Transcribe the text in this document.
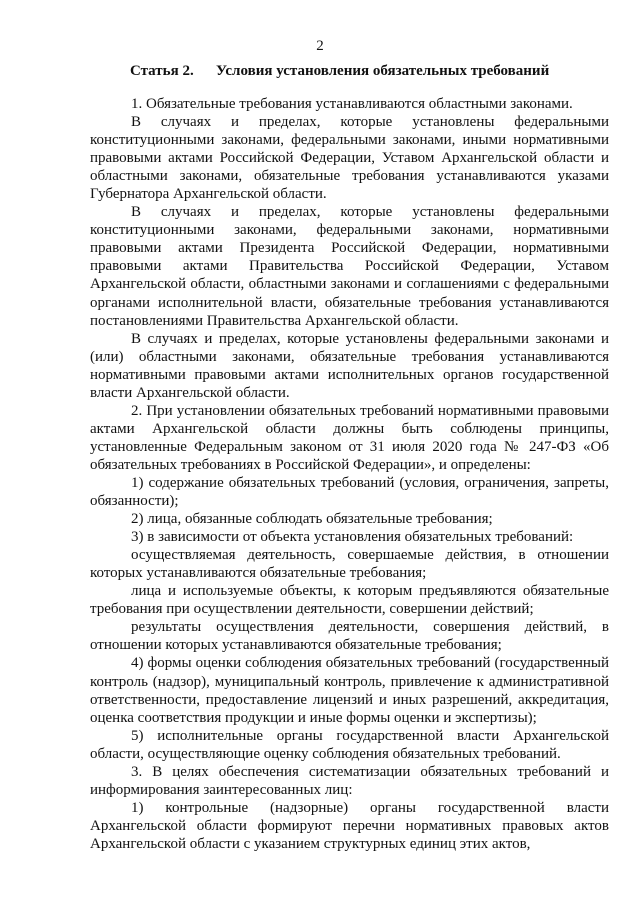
2
Статья 2. Условия установления обязательных требований

1. Обязательные требования устанавливаются областными законами.

В случаях и пределах, которые установлены федеральными конституционными законами, федеральными законами, иными нормативными правовыми актами Российской Федерации, Уставом Архангельской области и областными законами, обязательные требования устанавливаются указами Губернатора Архангельской области.

В случаях и пределах, которые установлены федеральными конституционными законами, федеральными законами, нормативными правовыми актами Президента Российской Федерации, нормативными правовыми актами Правительства Российской Федерации, Уставом Архангельской области, областными законами и соглашениями с федеральными органами исполнительной власти, обязательные требования устанавливаются постановлениями Правительства Архангельской области.

В случаях и пределах, которые установлены федеральными законами и (или) областными законами, обязательные требования устанавливаются нормативными правовыми актами исполнительных органов государственной власти Архангельской области.

2. При установлении обязательных требований нормативными правовыми актами Архангельской области должны быть соблюдены принципы, установленные Федеральным законом от 31 июля 2020 года № 247-ФЗ «Об обязательных требованиях в Российской Федерации», и определены:

1) содержание обязательных требований (условия, ограничения, запреты, обязанности);

2) лица, обязанные соблюдать обязательные требования;

3) в зависимости от объекта установления обязательных требований:

осуществляемая деятельность, совершаемые действия, в отношении которых устанавливаются обязательные требования;

лица и используемые объекты, к которым предъявляются обязательные требования при осуществлении деятельности, совершении действий;

результаты осуществления деятельности, совершения действий, в отношении которых устанавливаются обязательные требования;

4) формы оценки соблюдения обязательных требований (государственный контроль (надзор), муниципальный контроль, привлечение к административной ответственности, предоставление лицензий и иных разрешений, аккредитация, оценка соответствия продукции и иные формы оценки и экспертизы);

5) исполнительные органы государственной власти Архангельской области, осуществляющие оценку соблюдения обязательных требований.

3. В целях обеспечения систематизации обязательных требований и информирования заинтересованных лиц:

1) контрольные (надзорные) органы государственной власти Архангельской области формируют перечни нормативных правовых актов Архангельской области с указанием структурных единиц этих актов,
